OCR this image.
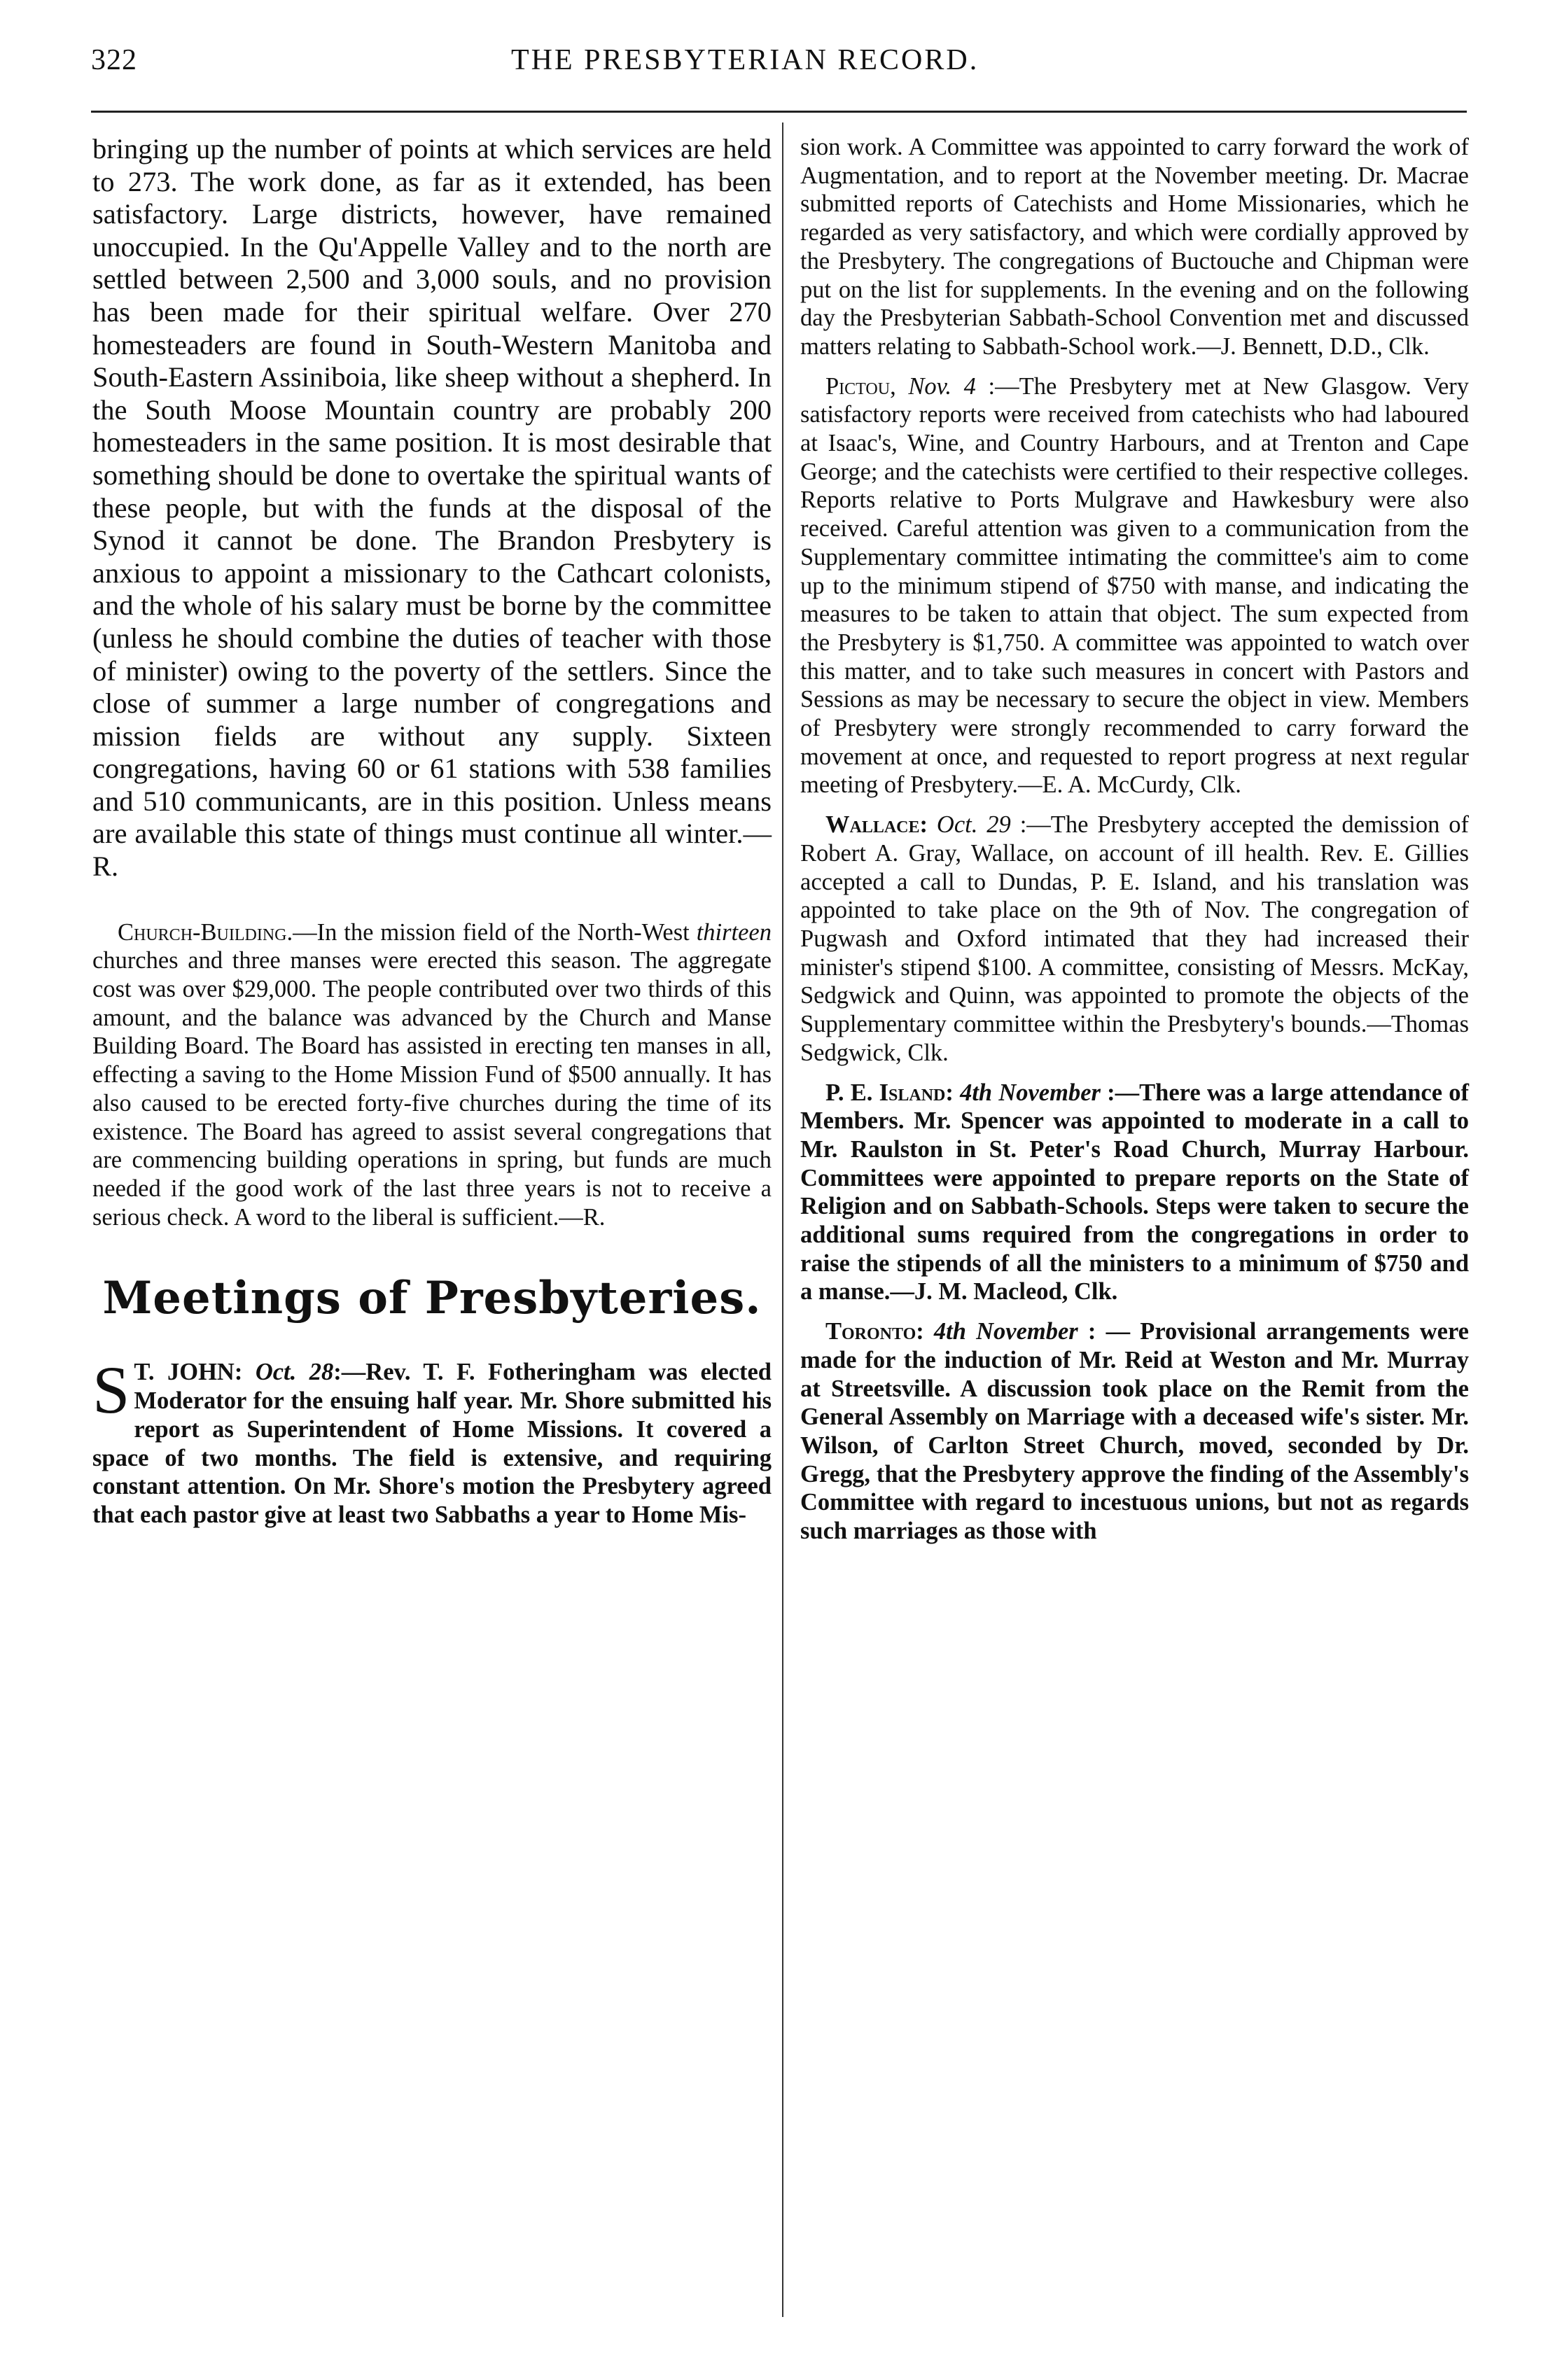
322	THE PRESBYTERIAN RECORD.

bringing up the number of points at which services are held to 273. The work done, as far as it extended, has been satisfactory. Large districts, however, have remained unoccupied. In the Qu'Appelle Valley and to the north are settled between 2,500 and 3,000 souls, and no provision has been made for their spiritual welfare. Over 270 homesteaders are found in South-Western Manitoba and South-Eastern Assiniboia, like sheep without a shepherd. In the South Moose Mountain country are probably 200 homesteaders in the same position. It is most desirable that something should be done to overtake the spiritual wants of these people, but with the funds at the disposal of the Synod it cannot be done. The Brandon Presbytery is anxious to appoint a missionary to the Cathcart colonists, and the whole of his salary must be borne by the committee (unless he should combine the duties of teacher with those of minister) owing to the poverty of the settlers. Since the close of summer a large number of congregations and mission fields are without any supply. Sixteen congregations, having 60 or 61 stations with 538 families and 510 communicants, are in this position. Unless means are available this state of things must continue all winter.—R.

Church-Building.—In the mission field of the North-West thirteen churches and three manses were erected this season. The aggregate cost was over $29,000. The people contributed over two thirds of this amount, and the balance was advanced by the Church and Manse Building Board. The Board has assisted in erecting ten manses in all, effecting a saving to the Home Mission Fund of $500 annually. It has also caused to be erected forty-five churches during the time of its existence. The Board has agreed to assist several congregations that are commencing building operations in spring, but funds are much needed if the good work of the last three years is not to receive a serious check. A word to the liberal is sufficient.—R.

Meetings of Presbyteries.

S T. JOHN: Oct. 28:—Rev. T. F. Fotheringham was elected Moderator for the ensuing half year. Mr. Shore submitted his report as Superintendent of Home Missions. It covered a space of two months. The field is extensive, and requiring constant attention. On Mr. Shore's motion the Presbytery agreed that each pastor give at least two Sabbaths a year to Home Mis-

sion work. A Committee was appointed to carry forward the work of Augmentation, and to report at the November meeting. Dr. Macrae submitted reports of Catechists and Home Missionaries, which he regarded as very satisfactory, and which were cordially approved by the Presbytery. The congregations of Buctouche and Chipman were put on the list for supplements. In the evening and on the following day the Presbyterian Sabbath-School Convention met and discussed matters relating to Sabbath-School work.—J. Bennett, D.D., Clk.

Pictou, Nov. 4 :—The Presbytery met at New Glasgow. Very satisfactory reports were received from catechists who had laboured at Isaac's, Wine, and Country Harbours, and at Trenton and Cape George; and the catechists were certified to their respective colleges. Reports relative to Ports Mulgrave and Hawkesbury were also received. Careful attention was given to a communication from the Supplementary committee intimating the committee's aim to come up to the minimum stipend of $750 with manse, and indicating the measures to be taken to attain that object. The sum expected from the Presbytery is $1,750. A committee was appointed to watch over this matter, and to take such measures in concert with Pastors and Sessions as may be necessary to secure the object in view. Members of Presbytery were strongly recommended to carry forward the movement at once, and requested to report progress at next regular meeting of Presbytery.—E. A. McCurdy, Clk.

Wallace: Oct. 29 :—The Presbytery accepted the demission of Robert A. Gray, Wallace, on account of ill health. Rev. E. Gillies accepted a call to Dundas, P. E. Island, and his translation was appointed to take place on the 9th of Nov. The congregation of Pugwash and Oxford intimated that they had increased their minister's stipend $100. A committee, consisting of Messrs. McKay, Sedgwick and Quinn, was appointed to promote the objects of the Supplementary committee within the Presbytery's bounds.—Thomas Sedgwick, Clk.

P. E. Island: 4th November :—There was a large attendance of Members. Mr. Spencer was appointed to moderate in a call to Mr. Raulston in St. Peter's Road Church, Murray Harbour. Committees were appointed to prepare reports on the State of Religion and on Sabbath-Schools. Steps were taken to secure the additional sums required from the congregations in order to raise the stipends of all the ministers to a minimum of $750 and a manse.—J. M. Macleod, Clk.

Toronto: 4th November : — Provisional arrangements were made for the induction of Mr. Reid at Weston and Mr. Murray at Streetsville. A discussion took place on the Remit from the General Assembly on Marriage with a deceased wife's sister. Mr. Wilson, of Carlton Street Church, moved, seconded by Dr. Gregg, that the Presbytery approve the finding of the Assembly's Committee with regard to incestuous unions, but not as regards such marriages as those with
